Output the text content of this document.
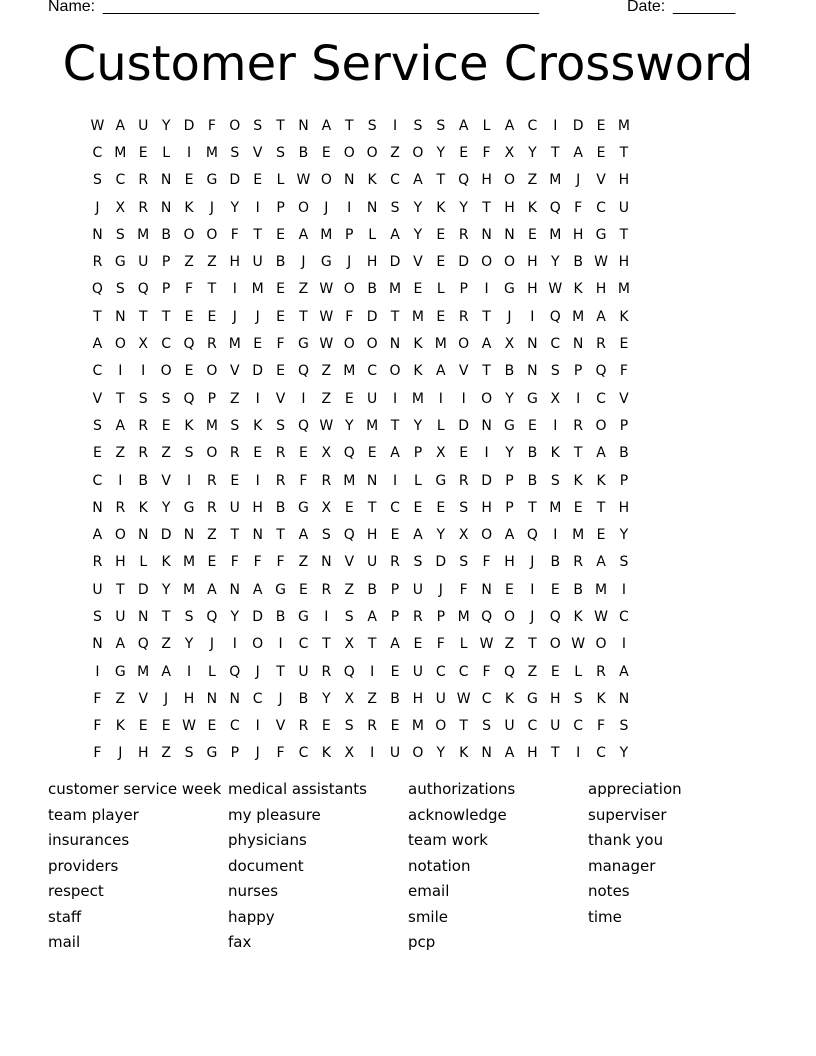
Name: _________________________________________________	Date: _______
Customer Service Crossword
W A U Y D F O S	T N A T	S	I	S	S A	L	A C	I	D E M
C M E	L	I	M S V S B E O O Z O Y	E	F	X Y	T A E	T
S C R N E G D E	L W O N K C A T Q H O Z M	J	V H
J	X R N K	J	Y	I	P O	J	I	N S	Y	K	Y	T H K Q F C U
N S M B O O F	T	E A M P	L	A Y	E R N N E M H G T
R G U P Z Z H U B	J	G	J	H D V E D O O H Y B W H
Q S Q P	F	T	I	M E Z W O B M E	L	P	I	G H W K H M
T N T	T	E	E	J	J	E	T W F D T M E R T	J	I	Q M A K
A O X C Q R M E	F G W O O N K M O A X N C N R E
C	I	I	O E O V D E Q Z M C O K A V T B N S	P Q F
V T	S	S Q P Z	I	V	I	Z E U	I	M	I	I	O Y G X	I	C V
S A R E K M S K S Q W Y M T	Y	L D N G E	I	R O P
E Z R Z S O R E R E X Q E A P X E	I	Y B K	T A B
C	I	B V	I	R E	I	R F	R M N	I	L G R D P B S K K	P
N R K	Y G R U H B G X E	T C E	E	S H P	T M E	T H
A O N D N Z T N T A S Q H E A Y X O A Q	I	M E	Y
R H L	K M E	F	F	F	Z N V U R S D S	F H	J	B R A S
U T D Y M A N A G E R Z B P U	J	F N E	I	E B M	I
S U N T	S Q Y D B G	I	S A P R P M Q O	J	Q K W C
N A Q Z Y	J	I	O	I	C T X T A E	F	L W Z T O W O	I
I	G M A	I	L Q	J	T U R Q	I	E U C C F Q Z E	L	R A
F	Z V	J	H N N C	J	B Y X Z B H U W C K G H S K N
F	K E	E W E C	I	V R E	S R E M O T	S U C U C F	S
F	J	H Z S G P	J	F C K X	I	U O Y	K N A H T	I	C Y
customer service week
team player
insurances
providers
respect
staff
mail
medical assistants
my pleasure
physicians
document
nurses
happy
fax
authorizations
acknowledge
team work
notation
email
smile
pcp
appreciation
superviser
thank you
manager
notes
time
